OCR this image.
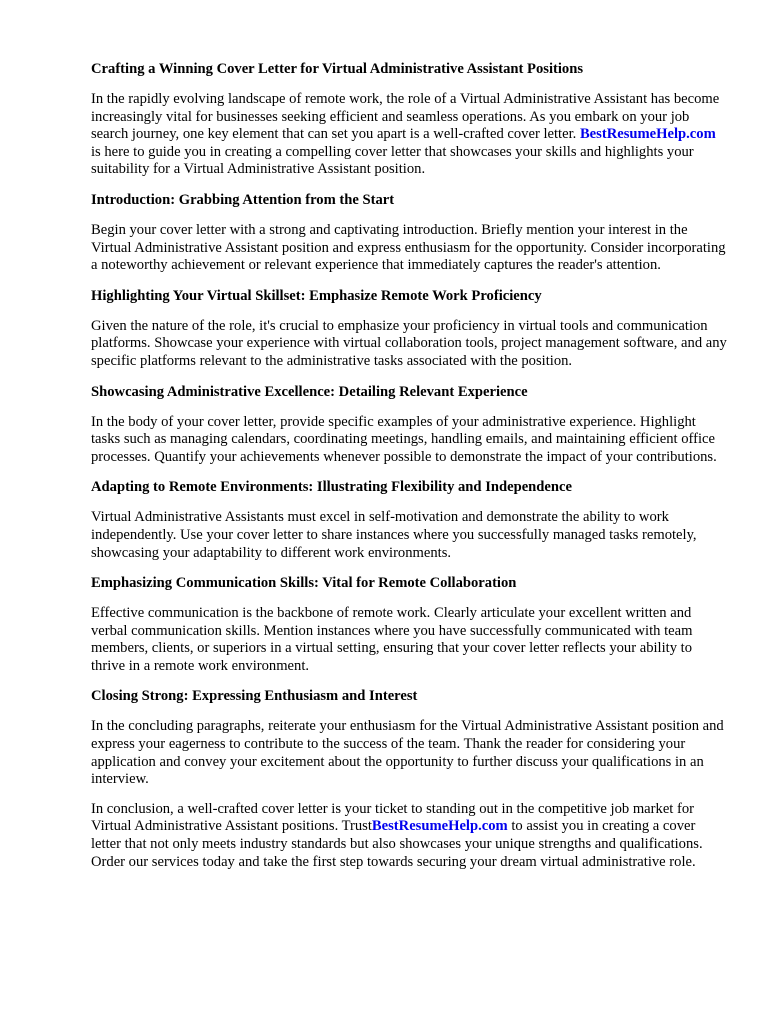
Crafting a Winning Cover Letter for Virtual Administrative Assistant Positions

In the rapidly evolving landscape of remote work, the role of a Virtual Administrative Assistant has become increasingly vital for businesses seeking efficient and seamless operations. As you embark on your job search journey, one key element that can set you apart is a well-crafted cover letter. BestResumeHelp.com is here to guide you in creating a compelling cover letter that showcases your skills and highlights your suitability for a Virtual Administrative Assistant position.

Introduction: Grabbing Attention from the Start

Begin your cover letter with a strong and captivating introduction. Briefly mention your interest in the Virtual Administrative Assistant position and express enthusiasm for the opportunity. Consider incorporating a noteworthy achievement or relevant experience that immediately captures the reader's attention.

Highlighting Your Virtual Skillset: Emphasize Remote Work Proficiency

Given the nature of the role, it's crucial to emphasize your proficiency in virtual tools and communication platforms. Showcase your experience with virtual collaboration tools, project management software, and any specific platforms relevant to the administrative tasks associated with the position.

Showcasing Administrative Excellence: Detailing Relevant Experience

In the body of your cover letter, provide specific examples of your administrative experience. Highlight tasks such as managing calendars, coordinating meetings, handling emails, and maintaining efficient office processes. Quantify your achievements whenever possible to demonstrate the impact of your contributions.

Adapting to Remote Environments: Illustrating Flexibility and Independence

Virtual Administrative Assistants must excel in self-motivation and demonstrate the ability to work independently. Use your cover letter to share instances where you successfully managed tasks remotely, showcasing your adaptability to different work environments.

Emphasizing Communication Skills: Vital for Remote Collaboration

Effective communication is the backbone of remote work. Clearly articulate your excellent written and verbal communication skills. Mention instances where you have successfully communicated with team members, clients, or superiors in a virtual setting, ensuring that your cover letter reflects your ability to thrive in a remote work environment.

Closing Strong: Expressing Enthusiasm and Interest

In the concluding paragraphs, reiterate your enthusiasm for the Virtual Administrative Assistant position and express your eagerness to contribute to the success of the team. Thank the reader for considering your application and convey your excitement about the opportunity to further discuss your qualifications in an interview.

In conclusion, a well-crafted cover letter is your ticket to standing out in the competitive job market for Virtual Administrative Assistant positions. TrustBestResumeHelp.com to assist you in creating a cover letter that not only meets industry standards but also showcases your unique strengths and qualifications. Order our services today and take the first step towards securing your dream virtual administrative role.
